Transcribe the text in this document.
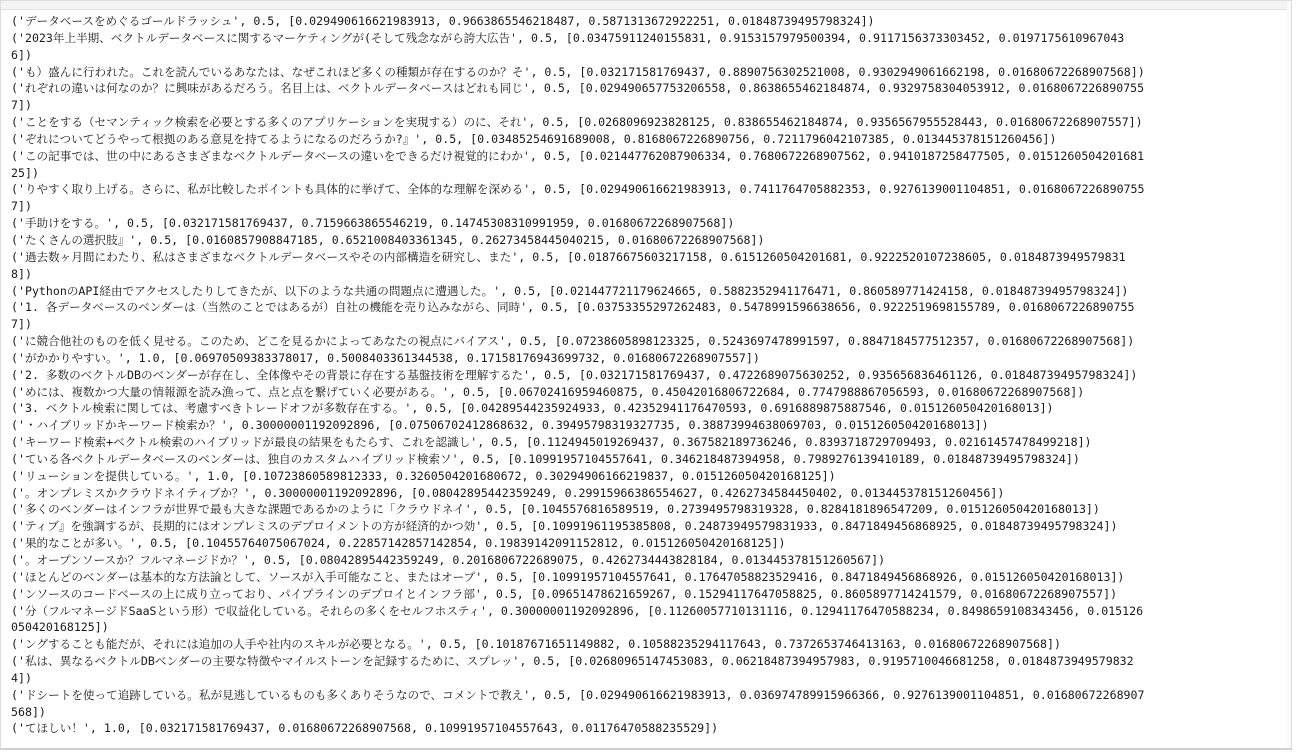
('データベースをめぐるゴールドラッシュ', 0.5, [0.029490616621983913, 0.9663865546218487, 0.5871313672922251, 0.01848739495798324])
('2023年上半期、ベクトルデータベースに関するマーケティングが(そして残念ながら誇大広告', 0.5, [0.03475911240155831, 0.9153157979500394, 0.9117156373303452, 0.0197175610967043
6])
('も）盛んに行われた。これを読んでいるあなたは、なぜこれほど多くの種類が存在するのか？そ', 0.5, [0.032171581769437, 0.8890756302521008, 0.9302949061662198, 0.01680672268907568])
('れぞれの違いは何なのか？に興味があるだろう。名目上は、ベクトルデータベースはどれも同じ', 0.5, [0.029490657753206558, 0.8638655462184874, 0.9329758304053912, 0.0168067226890755
7])
('ことをする（セマンティック検索を必要とする多くのアプリケーションを実現する）のに、それ', 0.5, [0.0268096923828125, 0.838655462184874, 0.9356567955528443, 0.01680672268907557])
('ぞれについてどうやって根拠のある意見を持てるようになるのだろうか?』', 0.5, [0.03485254691689008, 0.8168067226890756, 0.7211796042107385, 0.013445378151260456])
('この記事では、世の中にあるさまざまなベクトルデータベースの違いをできるだけ視覚的にわか', 0.5, [0.021447762087906334, 0.7680672268907562, 0.9410187258477505, 0.0151260504201681
25])
('りやすく取り上げる。さらに、私が比較したポイントも具体的に挙げて、全体的な理解を深める', 0.5, [0.029490616621983913, 0.7411764705882353, 0.9276139001104851, 0.0168067226890755
7])
('手助けをする。', 0.5, [0.032171581769437, 0.7159663865546219, 0.14745308310991959, 0.01680672268907568])
('たくさんの選択肢』', 0.5, [0.0160857908847185, 0.6521008403361345, 0.26273458445040215, 0.01680672268907568])
('過去数ヶ月間にわたり、私はさまざまなベクトルデータベースやその内部構造を研究し、また', 0.5, [0.01876675603217158, 0.6151260504201681, 0.9222520107238605, 0.0184873949579831
8])
('PythonのAPI経由でアクセスしたりしてきたが、以下のような共通の問題点に遭遇した。', 0.5, [0.021447721179624665, 0.5882352941176471, 0.860589771424158, 0.01848739495798324])
('1. 各データベースのベンダーは（当然のことではあるが）自社の機能を売り込みながら、同時', 0.5, [0.03753355297262483, 0.5478991596638656, 0.9222519698155789, 0.0168067226890755
7])
('に競合他社のものを低く見せる。このため、どこを見るかによってあなたの視点にバイアス', 0.5, [0.07238605898123325, 0.5243697478991597, 0.8847184577512357, 0.01680672268907568])
('がかかりやすい。', 1.0, [0.06970509383378017, 0.5008403361344538, 0.17158176943699732, 0.01680672268907557])
('2. 多数のベクトルDBのベンダーが存在し、全体像やその背景に存在する基盤技術を理解するた', 0.5, [0.032171581769437, 0.4722689075630252, 0.935656836461126, 0.01848739495798324])
('めには、複数かつ大量の情報源を読み漁って、点と点を繋げていく必要がある。', 0.5, [0.0670241695946087​5, 0.45042016806722684, 0.7747988867056593, 0.01680672268907568])
('3. ベクトル検索に関しては、考慮すべきトレードオフが多数存在する。', 0.5, [0.04289544235924933, 0.42352941176470593, 0.6916889875887546, 0.015126050420168013])
('・ハイブリッドかキーワード検索か？', 0.30000001192092896, [0.07506702412868632, 0.39495798319327735, 0.38873994638069703, 0.015126050420168013])
('キーワード検索+ベクトル検索のハイブリッドが最良の結果をもたらす、これを認識し', 0.5, [0.1124945019269437, 0.367582189736246, 0.8393718729709493, 0.021614574784992​18])
('ている各ベクトルデータベースのベンダーは、独自のカスタムハイブリッド検索ソ', 0.5, [0.10991957104557641, 0.346218487394958, 0.7989276139410189, 0.01848739495798324])
('リューションを提供している。', 1.0, [0.10723860589812333, 0.3260504201680672, 0.30294906166219837, 0.015126050420168125])
('。オンプレミスかクラウドネイティブか？', 0.30000001192092896, [0.08042895442359249, 0.29915966386554627, 0.4262734584450402, 0.013445378151260456])
('多くのベンダーはインフラが世界で最も大きな課題であるかのように「クラウドネイ', 0.5, [0.1045576816589519, 0.2739495798319328, 0.8284181896547209, 0.015126050420168013])
('ティブ』を強調するが、長期的にはオンプレミスのデプロイメントの方が経済的かつ効', 0.5, [0.10991961195385808, 0.24873949579831933, 0.8471849456868925, 0.01848739495798324])
('果的なことが多い。', 0.5, [0.10455764075067024, 0.22857142857142854, 0.19839142091152812, 0.015126050420168125])
('。オープンソースか？フルマネージドか？', 0.5, [0.08042895442359249, 0.2016806722689075, 0.4262734443828184, 0.013445378151260567])
('ほとんどのベンダーは基本的な方法論として、ソースが入手可能なこと、またはオープ', 0.5, [0.10991957104557641, 0.17647058823529416, 0.8471849456868926, 0.015126050420168013])
('ンソースのコードベースの上に成り立っており、パイプラインのデプロイとインフラ部', 0.5, [0.09651478621659267, 0.15294117647058825, 0.8605897714241579, 0.01680672268907557])
('分（フルマネージドSaaSという形）で収益化している。それらの多くをセルフホスティ', 0.30000001192092896, [0.11260057710131116, 0.12941176470588234, 0.8498659108343456, 0.015126
050420168125])
('ングすることも能だが、それには追加の人手や社内のスキルが必要となる。', 0.5, [0.10187671651149882, 0.10588235294117643, 0.7372653746413163, 0.01680672268907568])
('私は、異なるベクトルDBベンダーの主要な特徴やマイルストーンを記録するために、スプレッ', 0.5, [0.02680965147453083, 0.06218487394957983, 0.9195710046681258, 0.0184873949579832
4])
('ドシートを使って追跡している。私が見逃しているものも多くありそうなので、コメントで教え', 0.5, [0.029490616621983913, 0.036974789915966366, 0.9276139001104851, 0.0168067226890​7
568])
('てほしい！', 1.0, [0.032171581769437, 0.01680672268907568, 0.10991957104557643, 0.01176470588235529])
